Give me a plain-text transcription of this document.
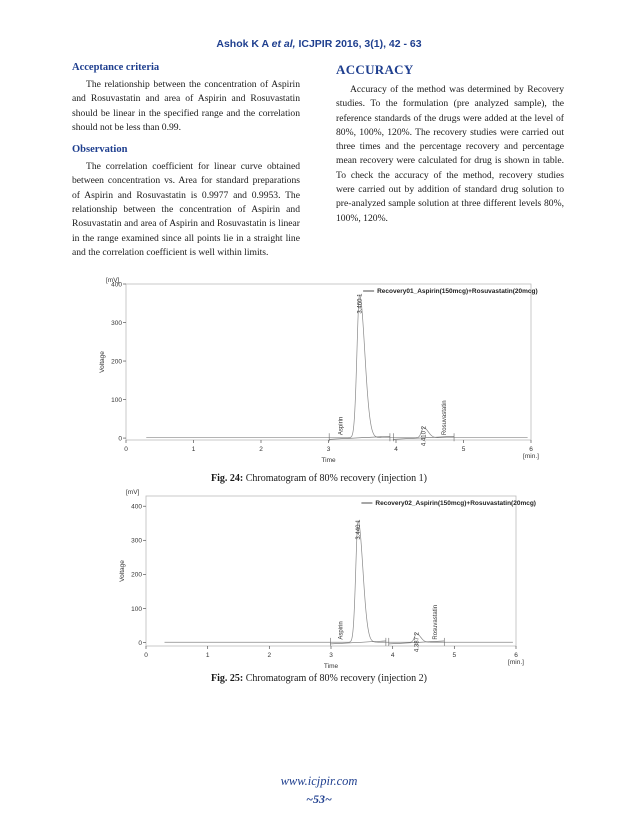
Ashok K A et al, ICJPIR 2016, 3(1), 42 - 63
Acceptance criteria

The relationship between the concentration of Aspirin and Rosuvastatin and area of Aspirin and Rosuvastatin should be linear in the specified range and the correlation should not be less than 0.99.

Observation

The correlation coefficient for linear curve obtained between concentration vs. Area for standard preparations of Aspirin and Rosuvastatin is 0.9977 and 0.9953. The relationship between the concentration of Aspirin and Rosuvastatin and area of Aspirin and Rosuvastatin is linear in the range examined since all points lie in a straight line and the correlation coefficient is well within limits.

ACCURACY

Accuracy of the method was determined by Recovery studies. To the formulation (pre analyzed sample), the reference standards of the drugs were added at the level of 80%, 100%, 120%. The recovery studies were carried out three times and the percentage recovery and percentage mean recovery were calculated for drug is shown in table. To check the accuracy of the method, recovery studies were carried out by addition of standard drug solution to pre-analyzed sample solution at three different levels 80%, 100%, 120%.

0	1	2	3	4	5	6
0
100
200
300
400
[mV]
[min.]
Time
Voltage
3.460 1
Aspirin
4.410 2
Rosuvastatin
Recovery01_Aspirin(150mcg)+Rosuvastatin(20mcg)
Fig. 24: Chromatogram of 80% recovery (injection 1)
0	1	2	3	4	5	6
0
100
200
300
400
[mV]
[min.]
Time
Voltage
3.440 1
Aspirin
4.387 2
Rosuvastatin
Recovery02_Aspirin(150mcg)+Rosuvastatin(20mcg)
Fig. 25: Chromatogram of 80% recovery (injection 2)
www.icjpir.com
~53~
